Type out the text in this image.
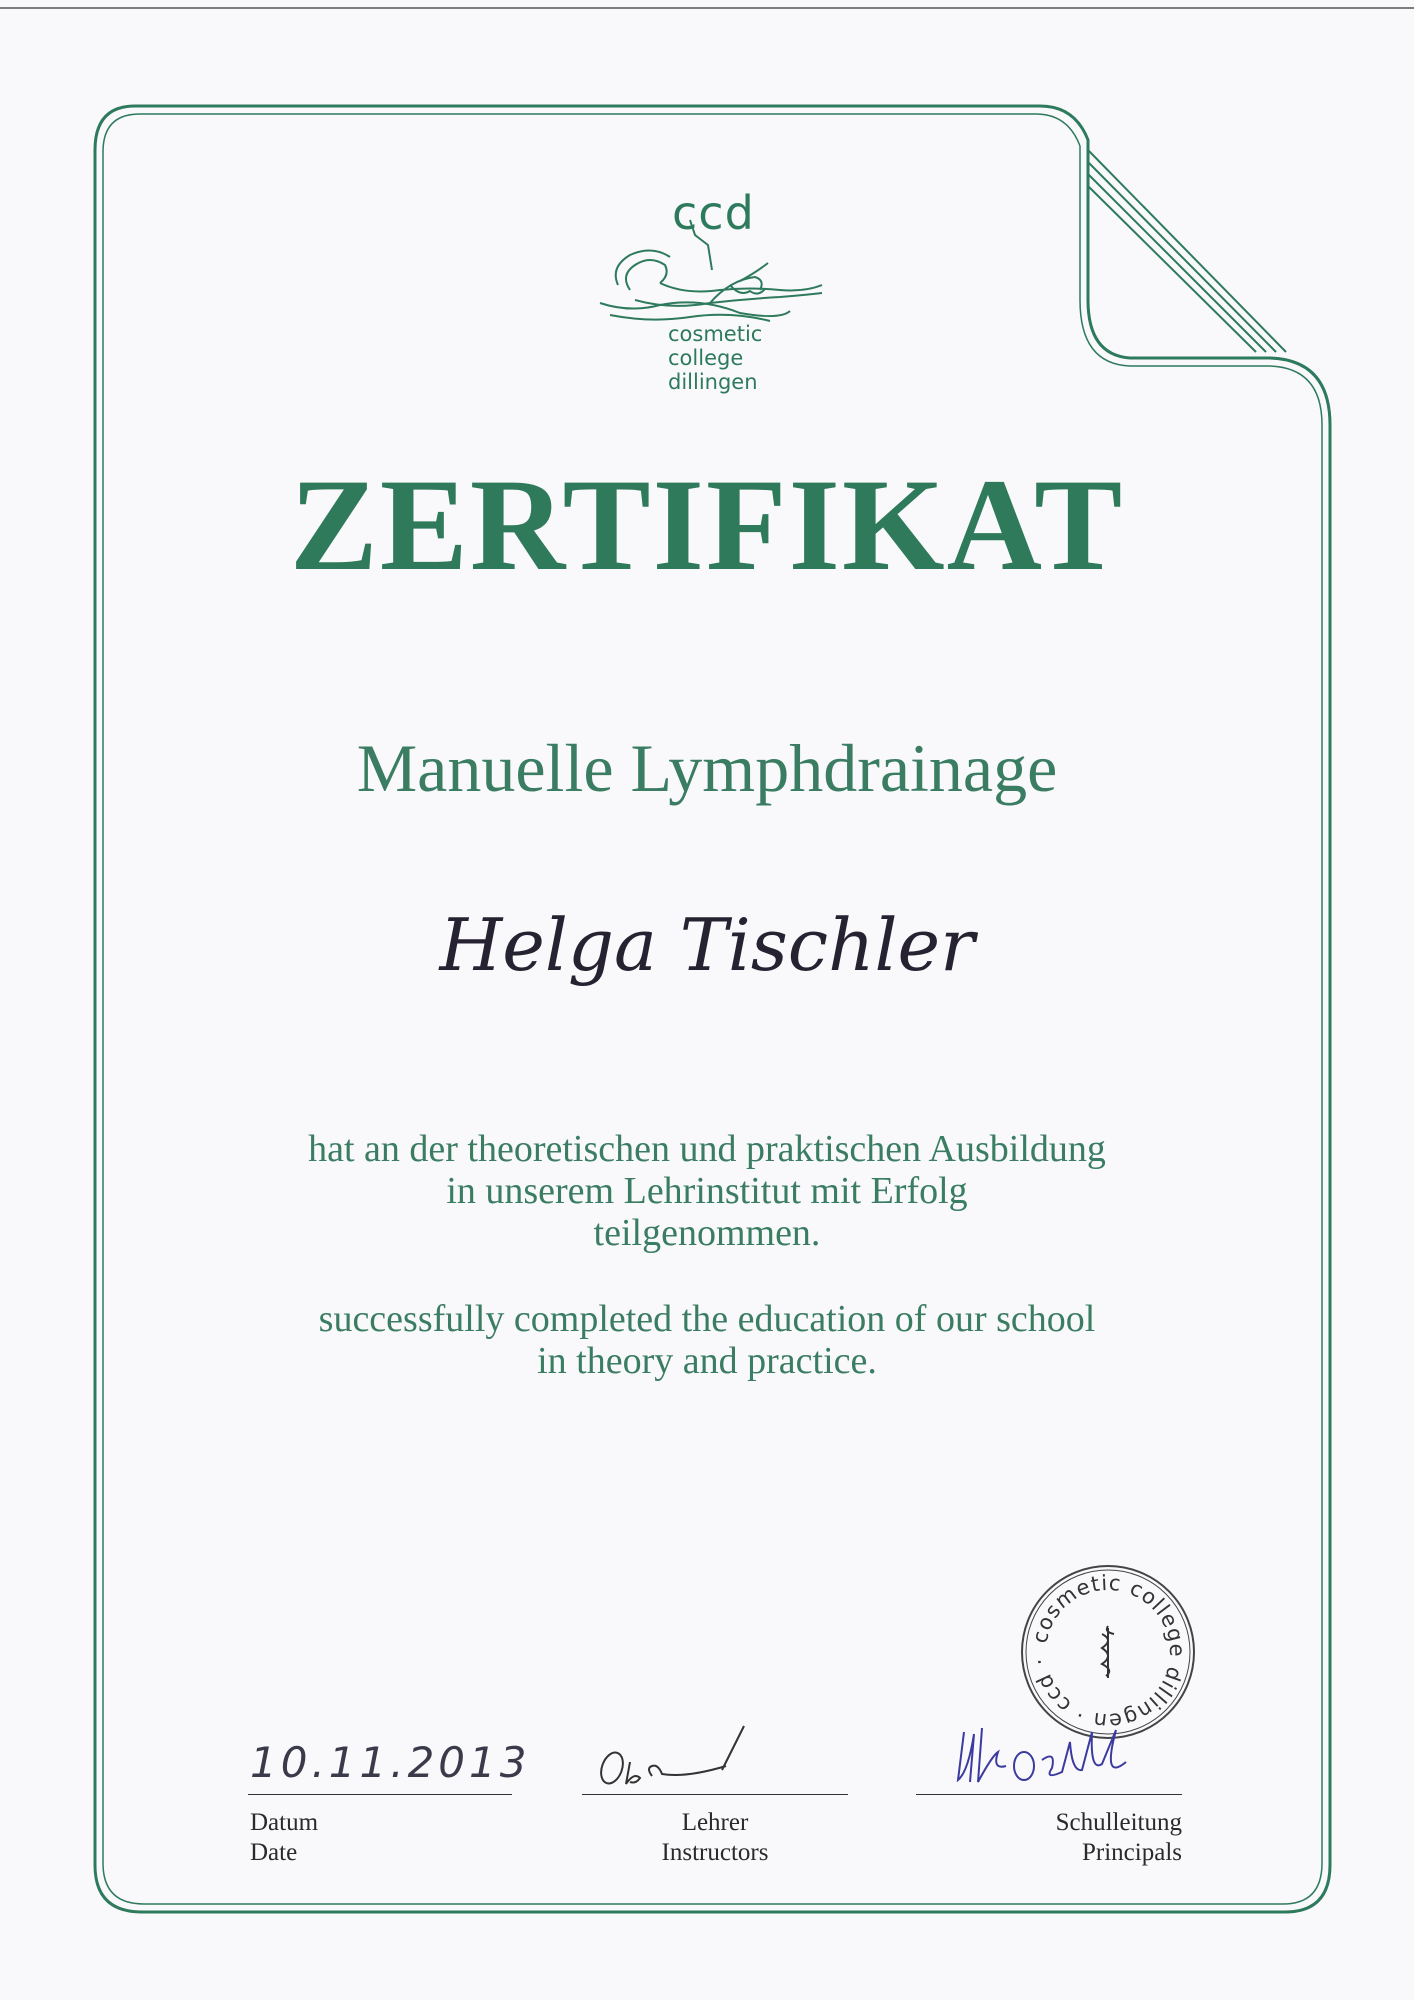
ccd
cosmetic
college
dillingen
ZERTIFIKAT
Manuelle Lymphdrainage
Helga Tischler
hat an der theoretischen und praktischen Ausbildung
in unserem Lehrinstitut mit Erfolg
teilgenommen.
successfully completed the education of our school
in theory and practice.
cosmetic college dillingen · ccd ·
10.11.2013
Datum
Date
Lehrer
Instructors
Schulleitung
Principals
